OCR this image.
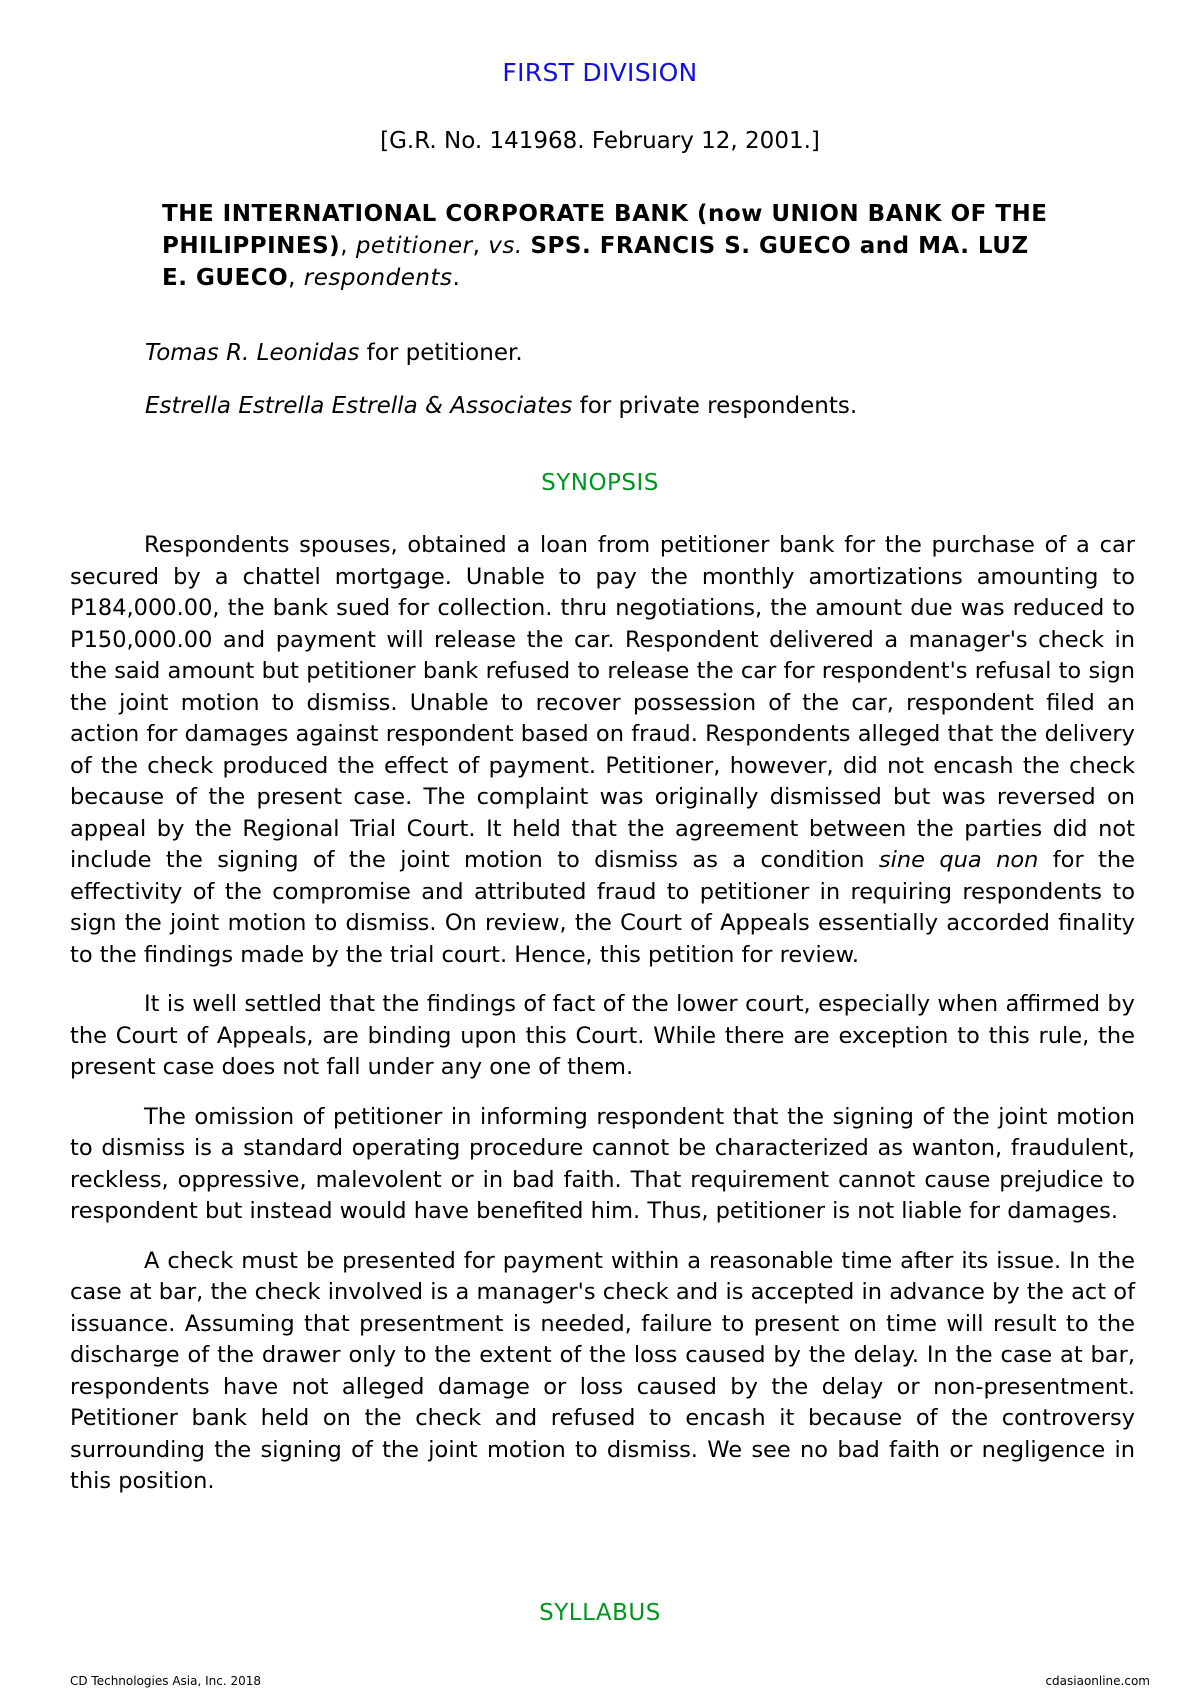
FIRST DIVISION
[G.R. No. 141968. February 12, 2001.]
THE INTERNATIONAL CORPORATE BANK (now UNION BANK OF THE PHILIPPINES), petitioner, vs. SPS. FRANCIS S. GUECO and MA. LUZ E. GUECO, respondents.
Tomas R. Leonidas for petitioner.
Estrella Estrella Estrella & Associates for private respondents.
SYNOPSIS

Respondents spouses, obtained a loan from petitioner bank for the purchase of a car secured by a chattel mortgage. Unable to pay the monthly amortizations amounting to P184,000.00, the bank sued for collection. thru negotiations, the amount due was reduced to P150,000.00 and payment will release the car. Respondent delivered a manager's check in the said amount but petitioner bank refused to release the car for respondent's refusal to sign the joint motion to dismiss. Unable to recover possession of the car, respondent filed an action for damages against respondent based on fraud. Respondents alleged that the delivery of the check produced the effect of payment. Petitioner, however, did not encash the check because of the present case. The complaint was originally dismissed but was reversed on appeal by the Regional Trial Court. It held that the agreement between the parties did not include the signing of the joint motion to dismiss as a condition sine qua non for the effectivity of the compromise and attributed fraud to petitioner in requiring respondents to sign the joint motion to dismiss. On review, the Court of Appeals essentially accorded finality to the findings made by the trial court. Hence, this petition for review.

It is well settled that the findings of fact of the lower court, especially when affirmed by the Court of Appeals, are binding upon this Court. While there are exception to this rule, the present case does not fall under any one of them.

The omission of petitioner in informing respondent that the signing of the joint motion to dismiss is a standard operating procedure cannot be characterized as wanton, fraudulent, reckless, oppressive, malevolent or in bad faith. That requirement cannot cause prejudice to respondent but instead would have benefited him. Thus, petitioner is not liable for damages.

A check must be presented for payment within a reasonable time after its issue. In the case at bar, the check involved is a manager's check and is accepted in advance by the act of issuance. Assuming that presentment is needed, failure to present on time will result to the discharge of the drawer only to the extent of the loss caused by the delay. In the case at bar, respondents have not alleged damage or loss caused by the delay or non-presentment. Petitioner bank held on the check and refused to encash it because of the controversy surrounding the signing of the joint motion to dismiss. We see no bad faith or negligence in this position.

SYLLABUS
CD Technologies Asia, Inc. 2018	cdasiaonline.com
